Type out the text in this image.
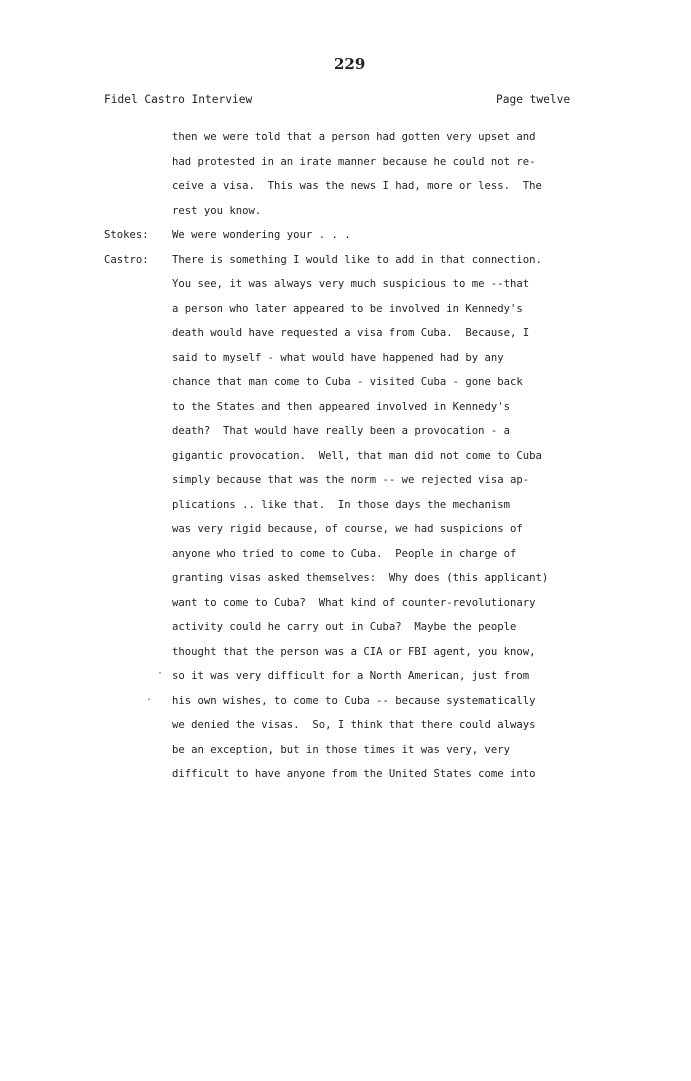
229
Fidel Castro Interview	Page twelve
then we were told that a person had gotten very upset and
had protested in an irate manner because he could not re-
ceive a visa.  This was the news I had, more or less.  The
rest you know.
Stokes: We were wondering your . . .
Castro: There is something I would like to add in that connection.
You see, it was always very much suspicious to me --that
a person who later appeared to be involved in Kennedy's
death would have requested a visa from Cuba.  Because, I
said to myself - what would have happened had by any
chance that man come to Cuba - visited Cuba - gone back
to the States and then appeared involved in Kennedy's
death?  That would have really been a provocation - a
gigantic provocation.  Well, that man did not come to Cuba
simply because that was the norm -- we rejected visa ap-
plications .. like that.  In those days the mechanism
was very rigid because, of course, we had suspicions of
anyone who tried to come to Cuba.  People in charge of
granting visas asked themselves:  Why does (this applicant)
want to come to Cuba?  What kind of counter-revolutionary
activity could he carry out in Cuba?  Maybe the people
thought that the person was a CIA or FBI agent, you know,
so it was very difficult for a North American, just from
his own wishes, to come to Cuba -- because systematically
we denied the visas.  So, I think that there could always
be an exception, but in those times it was very, very
difficult to have anyone from the United States come into
·
.
